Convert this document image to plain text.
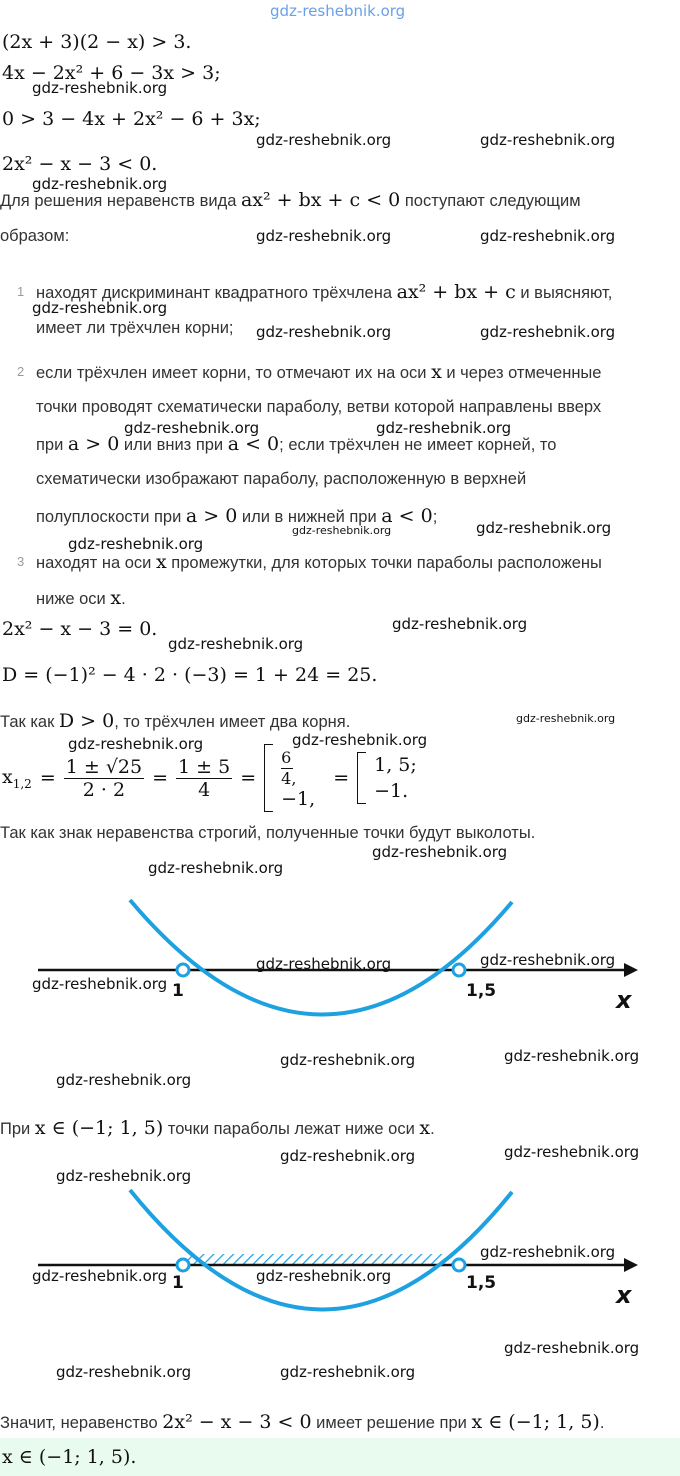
gdz-reshebnik.org
(2x + 3)(2 − x) > 3.
4x − 2x² + 6 − 3x > 3;
0 > 3 − 4x + 2x² − 6 + 3x;
2x² − x − 3 < 0.
Для решения неравенств вида ax² + bx + c < 0 поступают следующим
образом:
1 находят дискриминант квадратного трёхчлена ax² + bx + c и выясняют,
имеет ли трёхчлен корни;
2 если трёхчлен имеет корни, то отмечают их на оси x и через отмеченные
точки проводят схематически параболу, ветви которой направлены вверх
при a > 0 или вниз при a < 0; если трёхчлен не имеет корней, то
схематически изображают параболу, расположенную в верхней
полуплоскости при a > 0 или в нижней при a < 0;
3 находят на оси x промежутки, для которых точки параболы расположены
ниже оси x.
2x² − x − 3 = 0.
D = (−1)² − 4 · 2 · (−3) = 1 + 24 = 25.
Так как D > 0, то трёхчлен имеет два корня.
$x_{1,2} = \frac{1 \pm √25}{2 \cdot 2} = \frac{1 \pm 5}{4}$ =
6
4,
−1,
=
1, 5;
−1.
Так как знак неравенства строгий, полученные точки будут выколоты.
1	1,5	x
При x ∈ (−1; 1, 5) точки параболы лежат ниже оси x.
1	1,5	x
Значит, неравенство 2x² − x − 3 < 0 имеет решение при x ∈ (−1; 1, 5).
x ∈ (−1; 1, 5).
gdz-reshebnik.org
gdz-reshebnik.org	gdz-reshebnik.org
gdz-reshebnik.org
gdz-reshebnik.org	gdz-reshebnik.org
gdz-reshebnik.org
gdz-reshebnik.org	gdz-reshebnik.org
gdz-reshebnik.org	gdz-reshebnik.org
gdz-reshebnik.org	gdz-reshebnik.org
gdz-reshebnik.org
gdz-reshebnik.org
gdz-reshebnik.org
gdz-reshebnik.org
gdz-reshebnik.org	gdz-reshebnik.org
gdz-reshebnik.org
gdz-reshebnik.org
gdz-reshebnik.org	gdz-reshebnik.org
gdz-reshebnik.org
gdz-reshebnik.org	gdz-reshebnik.org
gdz-reshebnik.org
gdz-reshebnik.org	gdz-reshebnik.org
gdz-reshebnik.org
gdz-reshebnik.org
gdz-reshebnik.org	gdz-reshebnik.org
gdz-reshebnik.org
gdz-reshebnik.org	gdz-reshebnik.org
